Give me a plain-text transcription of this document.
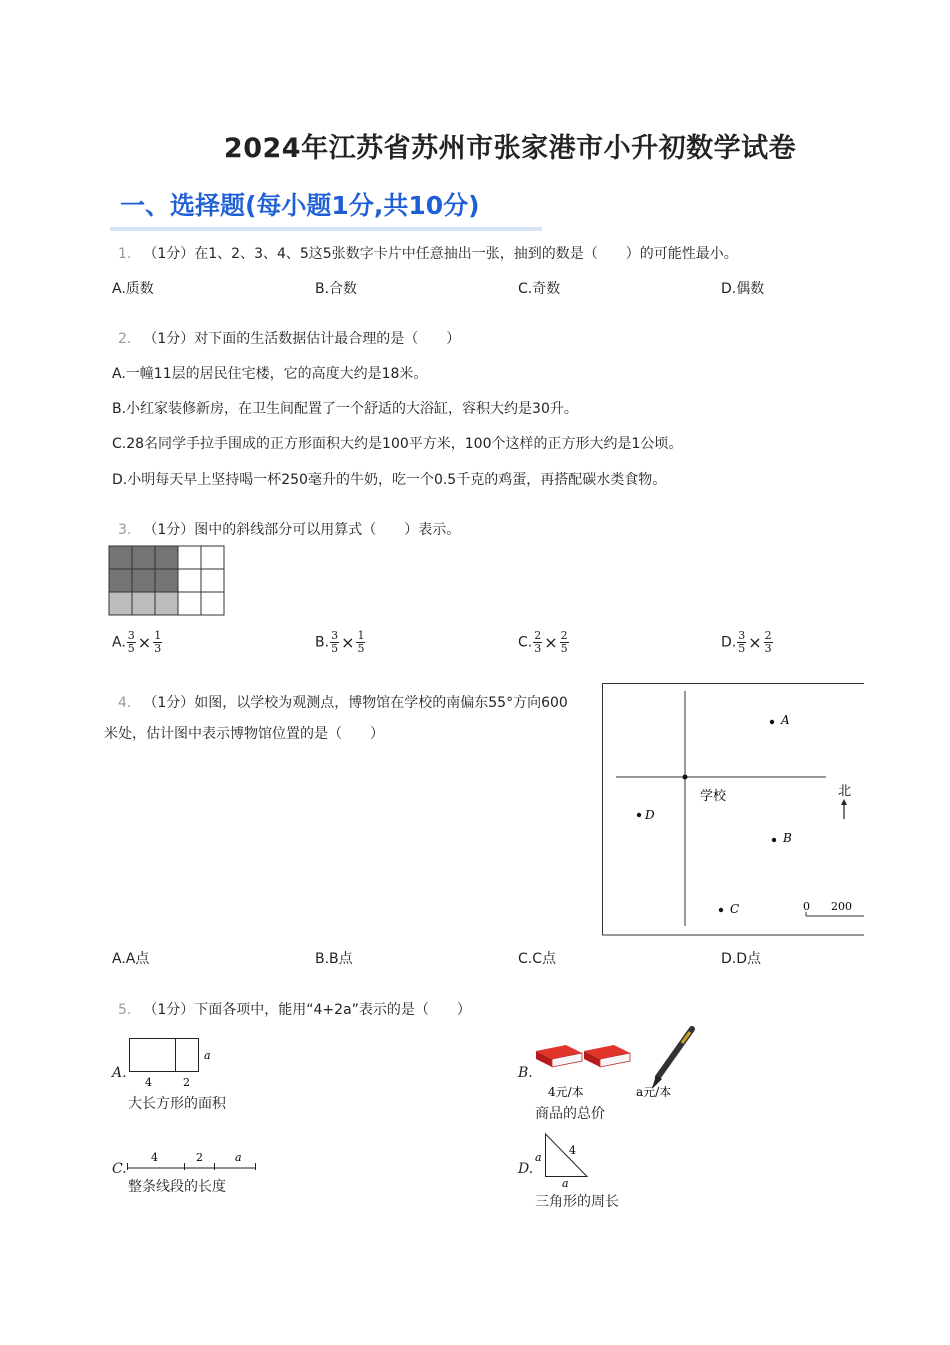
2024年江苏省苏州市张家港市小升初数学试卷
一、选择题(每小题1分,共10分)
1. （1分）在1、2、3、4、5这5张数字卡片中任意抽出一张，抽到的数是（　　）的可能性最小。
A.质数	B.合数	C.奇数	D.偶数
2. （1分）对下面的生活数据估计最合理的是（　　）
A.一幢11层的居民住宅楼，它的高度大约是18米。
B.小红家装修新房，在卫生间配置了一个舒适的大浴缸，容积大约是30升。
C.28名同学手拉手围成的正方形面积大约是100平方米，100个这样的正方形大约是1公顷。
D.小明每天早上坚持喝一杯250毫升的牛奶，吃一个0.5千克的鸡蛋，再搭配碳水类食物。
3. （1分）图中的斜线部分可以用算式（　　）表示。
A. $\frac{3}{5} \times \frac{1}{3}$	B. $\frac{3}{5} \times \frac{1}{5}$	C. $\frac{2}{3} \times \frac{2}{5}$	D. $\frac{3}{5} \times \frac{2}{3}$
4. （1分）如图，以学校为观测点，博物馆在学校的南偏东55°方向600
米处，估计图中表示博物馆位置的是（　　）
学校
A
B
C
D
北
0 200
A.A点	B.B点	C.C点	D.D点
5. （1分）下面各项中，能用“4+2a”表示的是（　　）
A.
a
4	2
大长方形的面积
B.
4元/本	a元/本
商品的总价
C.
4	2	a
整条线段的长度
D.
a
4
a
三角形的周长
